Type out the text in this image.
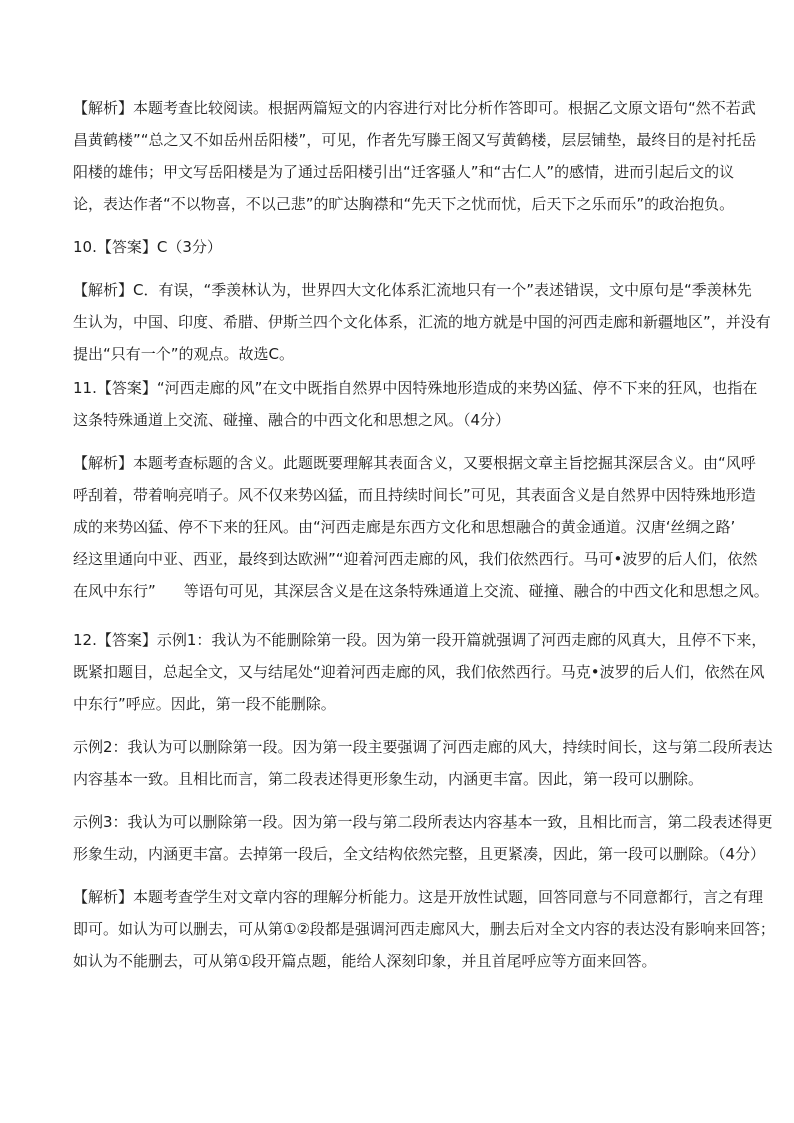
【解析】本题考查比较阅读。根据两篇短文的内容进行对比分析作答即可。根据乙文原文语句“然不若武
昌黄鹤楼”“总之又不如岳州岳阳楼”，可见，作者先写滕王阁又写黄鹤楼，层层铺垫，最终目的是衬托岳
阳楼的雄伟；甲文写岳阳楼是为了通过岳阳楼引出“迁客骚人”和“古仁人”的感情，进而引起后文的议
论，表达作者“不以物喜，不以己悲”的旷达胸襟和“先天下之忧而忧，后天下之乐而乐”的政治抱负。

10.【答案】C（3分）

【解析】C．有误，“季羡林认为，世界四大文化体系汇流地只有一个”表述错误，文中原句是“季羡林先
生认为，中国、印度、希腊、伊斯兰四个文化体系，汇流的地方就是中国的河西走廊和新疆地区”，并没有
提出“只有一个”的观点。故选C。

11.【答案】“河西走廊的风”在文中既指自然界中因特殊地形造成的来势凶猛、停不下来的狂风，也指在
这条特殊通道上交流、碰撞、融合的中西文化和思想之风。（4分）

【解析】本题考查标题的含义。此题既要理解其表面含义，又要根据文章主旨挖掘其深层含义。由“风呼
呼刮着，带着响亮哨子。风不仅来势凶猛，而且持续时间长”可见，其表面含义是自然界中因特殊地形造
成的来势凶猛、停不下来的狂风。由“河西走廊是东西方文化和思想融合的黄金通道。汉唐‘丝绸之路’
经这里通向中亚、西亚，最终到达欧洲”“迎着河西走廊的风，我们依然西行。马可•波罗的后人们，依然
在风中东行” 等语句可见，其深层含义是在这条特殊通道上交流、碰撞、融合的中西文化和思想之风。

12.【答案】示例1：我认为不能删除第一段。因为第一段开篇就强调了河西走廊的风真大，且停不下来，
既紧扣题目，总起全文，又与结尾处“迎着河西走廊的风，我们依然西行。马克•波罗的后人们，依然在风
中东行”呼应。因此，第一段不能删除。

示例2：我认为可以删除第一段。因为第一段主要强调了河西走廊的风大，持续时间长，这与第二段所表达
内容基本一致。且相比而言，第二段表述得更形象生动，内涵更丰富。因此，第一段可以删除。

示例3：我认为可以删除第一段。因为第一段与第二段所表达内容基本一致，且相比而言，第二段表述得更
形象生动，内涵更丰富。去掉第一段后，全文结构依然完整，且更紧凑，因此，第一段可以删除。（4分）

【解析】本题考查学生对文章内容的理解分析能力。这是开放性试题，回答同意与不同意都行，言之有理
即可。如认为可以删去，可从第①②段都是强调河西走廊风大，删去后对全文内容的表达没有影响来回答；
如认为不能删去，可从第①段开篇点题，能给人深刻印象，并且首尾呼应等方面来回答。
